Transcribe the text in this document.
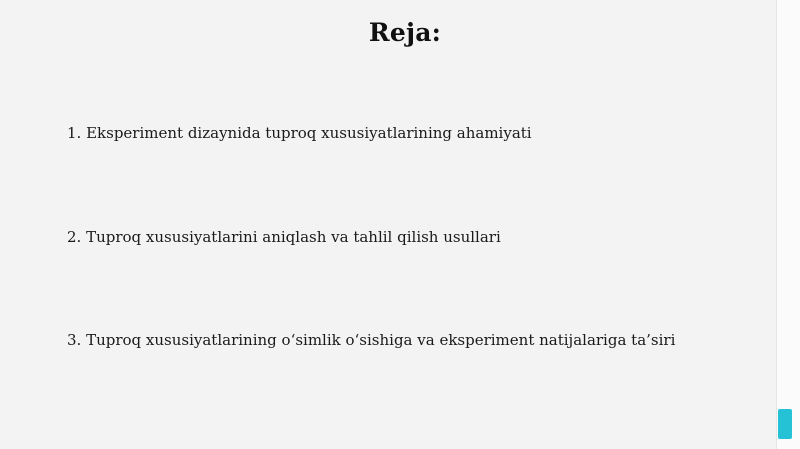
Reja:
1. Eksperiment dizaynida tuproq xususiyatlarining ahamiyati
2. Tuproq xususiyatlarini aniqlash va tahlil qilish usullari
3. Tuproq xususiyatlarining o‘simlik o‘sishiga va eksperiment natijalariga ta’siri
